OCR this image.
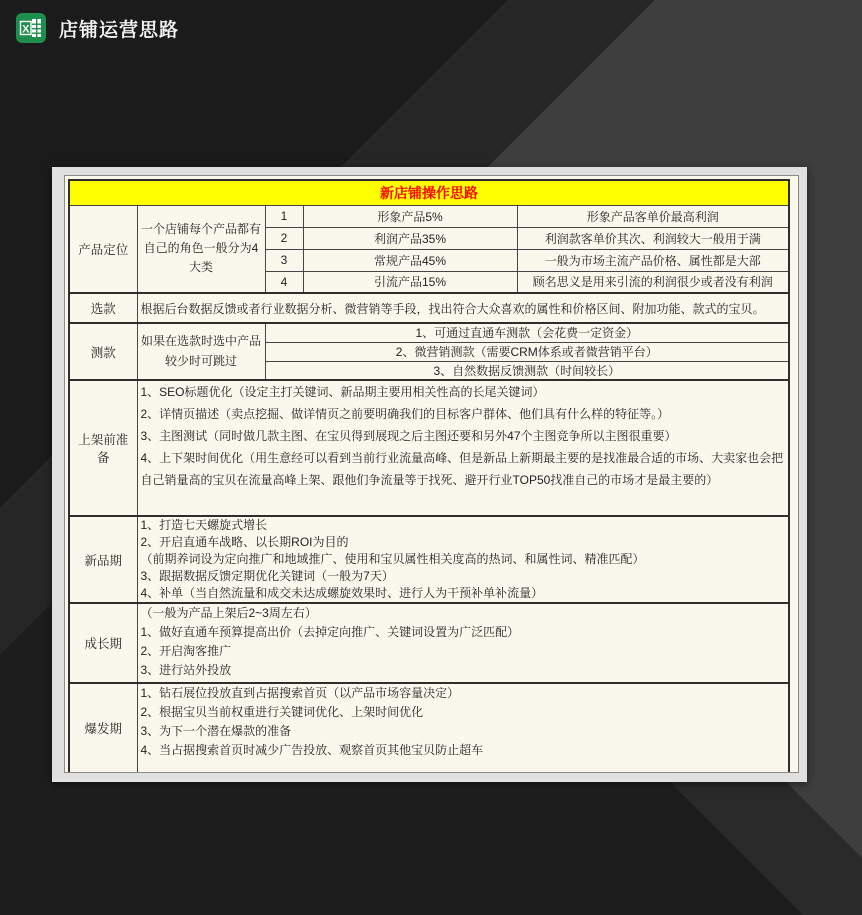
X 店铺运营思路
新店铺操作思路				
产品定位	一个店铺每个产品都有自己的角色一般分为4大类	1	形象产品5%	形象产品客单价最高利润
		2	利润产品35%	利润款客单价其次、利润较大一般用于满
		3	常规产品45%	一般为市场主流产品价格、属性都是大部
		4	引流产品15%	顾名思义是用来引流的利润很少或者没有利润
选款	根据后台数据反馈或者行业数据分析、微营销等手段，找出符合大众喜欢的属性和价格区间、附加功能、款式的宝贝。			
测款	如果在选款时选中产品较少时可跳过	1、可通过直通车测款（会花费一定资金）		
		2、微营销测款（需要CRM体系或者微营销平台）		
		3、自然数据反馈测款（时间较长）		
上架前准备	1、SEO标题优化（设定主打关键词、新品期主要用相关性高的长尾关键词）
2、详情页描述（卖点挖掘、做详情页之前要明确我们的目标客户群体、他们具有什么样的特征等。）
3、主图测试（同时做几款主图、在宝贝得到展现之后主图还要和另外47个主图竞争所以主图很重要）
4、上下架时间优化（用生意经可以看到当前行业流量高峰、但是新品上新期最主要的是找准最合适的市场、大卖家也会把自己销量高的宝贝在流量高峰上架、跟他们争流量等于找死、避开行业TOP50找准自己的市场才是最主要的）			

新品期	1、打造七天螺旋式增长
2、开启直通车战略、以长期ROI为目的
（前期养词设为定向推广和地域推广、使用和宝贝属性相关度高的热词、和属性词、精准匹配）
3、跟据数据反馈定期优化关键词（一般为7天）
4、补单（当自然流量和成交未达成螺旋效果时、进行人为干预补单补流量）			

成长期	（一般为产品上架后2~3周左右）
1、做好直通车预算提高出价（去掉定向推广、关键词设置为广泛匹配）
2、开启淘客推广
3、进行站外投放			

爆发期	1、钻石展位投放直到占据搜索首页（以产品市场容量决定）
2、根据宝贝当前权重进行关键词优化、上架时间优化
3、为下一个潜在爆款的准备
4、当占据搜索首页时减少广告投放、观察首页其他宝贝防止超车			
